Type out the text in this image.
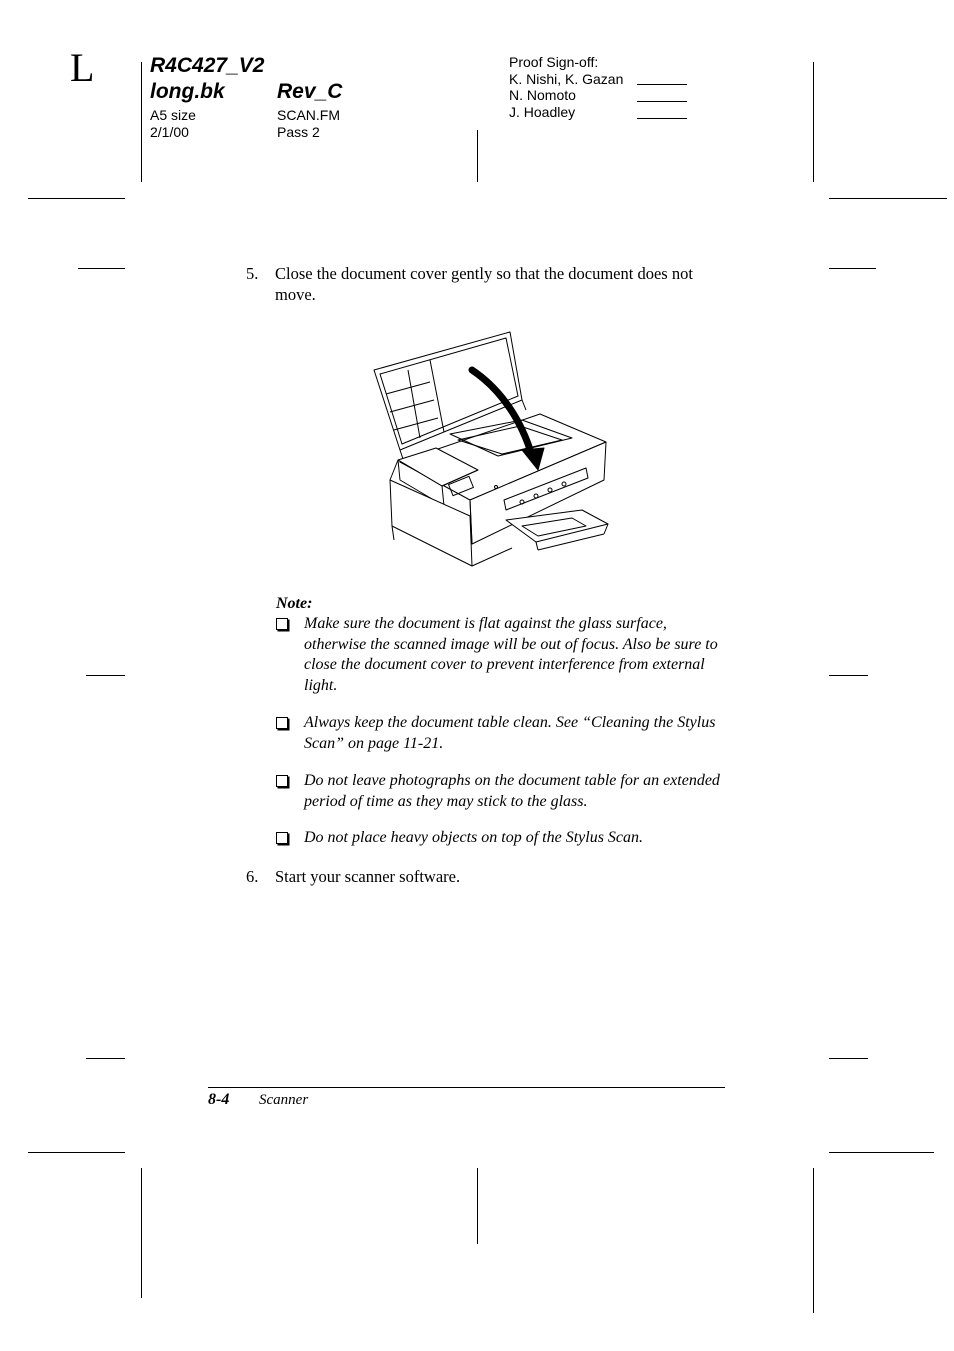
L	R4C427_V2
long.bk Rev_C
A5 size
2/1/00
SCAN.FM
Pass 2
Proof Sign-off:
K. Nishi, K. Gazan
N. Nomoto
J. Hoadley
5. Close the document cover gently so that the document does not move.
Note:
Make sure the document is flat against the glass surface, otherwise the scanned image will be out of focus. Also be sure to close the document cover to prevent interference from external light.
Always keep the document table clean. See “Cleaning the Stylus Scan” on page 11-21.
Do not leave photographs on the document table for an extended period of time as they may stick to the glass.
Do not place heavy objects on top of the Stylus Scan.
6. Start your scanner software.
8-4 Scanner
